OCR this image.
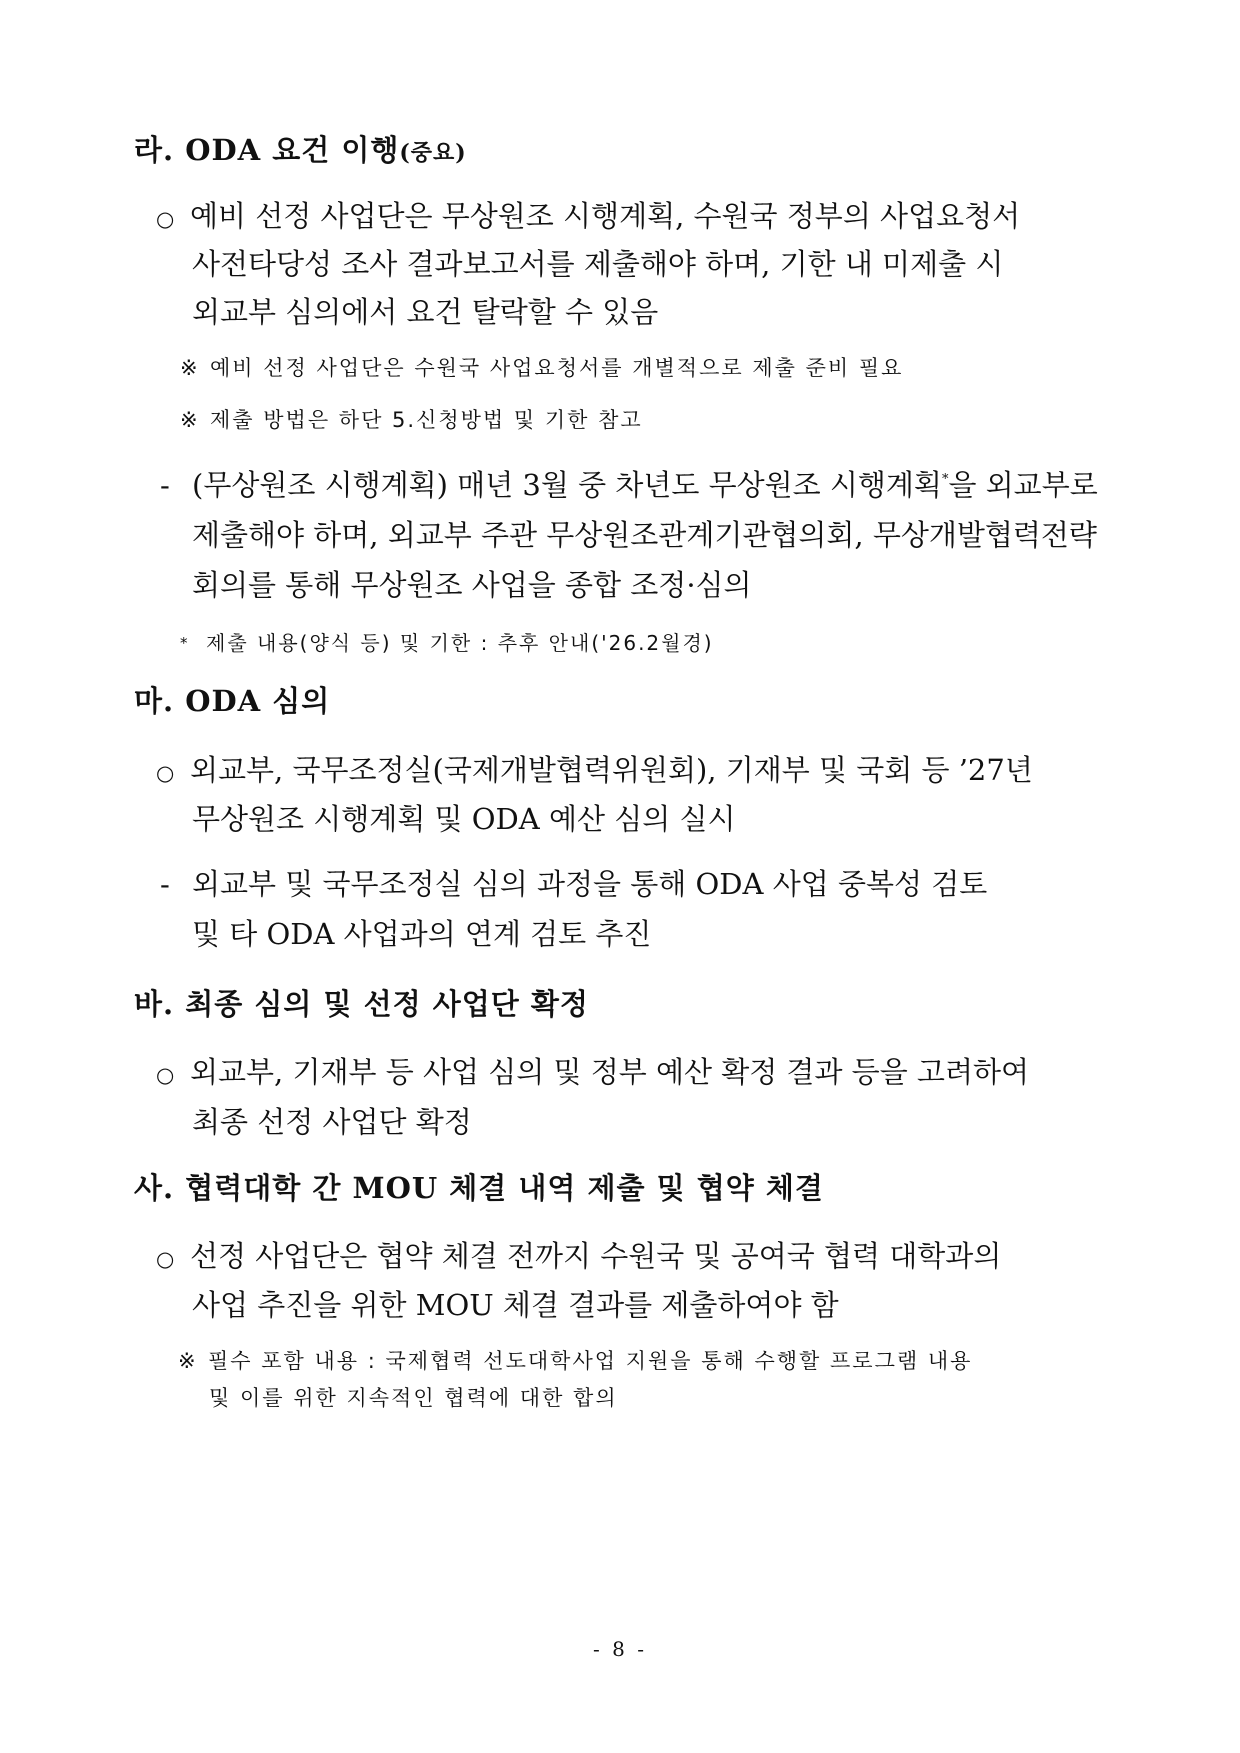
라. ODA 요건 이행(중요)
○ 예비 선정 사업단은 무상원조 시행계획, 수원국 정부의 사업요청서
사전타당성 조사 결과보고서를 제출해야 하며, 기한 내 미제출 시
외교부 심의에서 요건 탈락할 수 있음
※ 예비 선정 사업단은 수원국 사업요청서를 개별적으로 제출 준비 필요
※ 제출 방법은 하단 5.신청방법 및 기한 참고
- (무상원조 시행계획) 매년 3월 중 차년도 무상원조 시행계획*을 외교부로
제출해야 하며, 외교부 주관 무상원조관계기관협의회, 무상개발협력전략
회의를 통해 무상원조 사업을 종합 조정·심의
* 제출 내용(양식 등) 및 기한 : 추후 안내('26.2월경)
마. ODA 심의
○ 외교부, 국무조정실(국제개발협력위원회), 기재부 및 국회 등 ’27년
무상원조 시행계획 및 ODA 예산 심의 실시
- 외교부 및 국무조정실 심의 과정을 통해 ODA 사업 중복성 검토
및 타 ODA 사업과의 연계 검토 추진
바. 최종 심의 및 선정 사업단 확정
○ 외교부, 기재부 등 사업 심의 및 정부 예산 확정 결과 등을 고려하여
최종 선정 사업단 확정
사. 협력대학 간 MOU 체결 내역 제출 및 협약 체결
○ 선정 사업단은 협약 체결 전까지 수원국 및 공여국 협력 대학과의
사업 추진을 위한 MOU 체결 결과를 제출하여야 함
※ 필수 포함 내용 : 국제협력 선도대학사업 지원을 통해 수행할 프로그램 내용
및 이를 위한 지속적인 협력에 대한 합의
- 8 -
